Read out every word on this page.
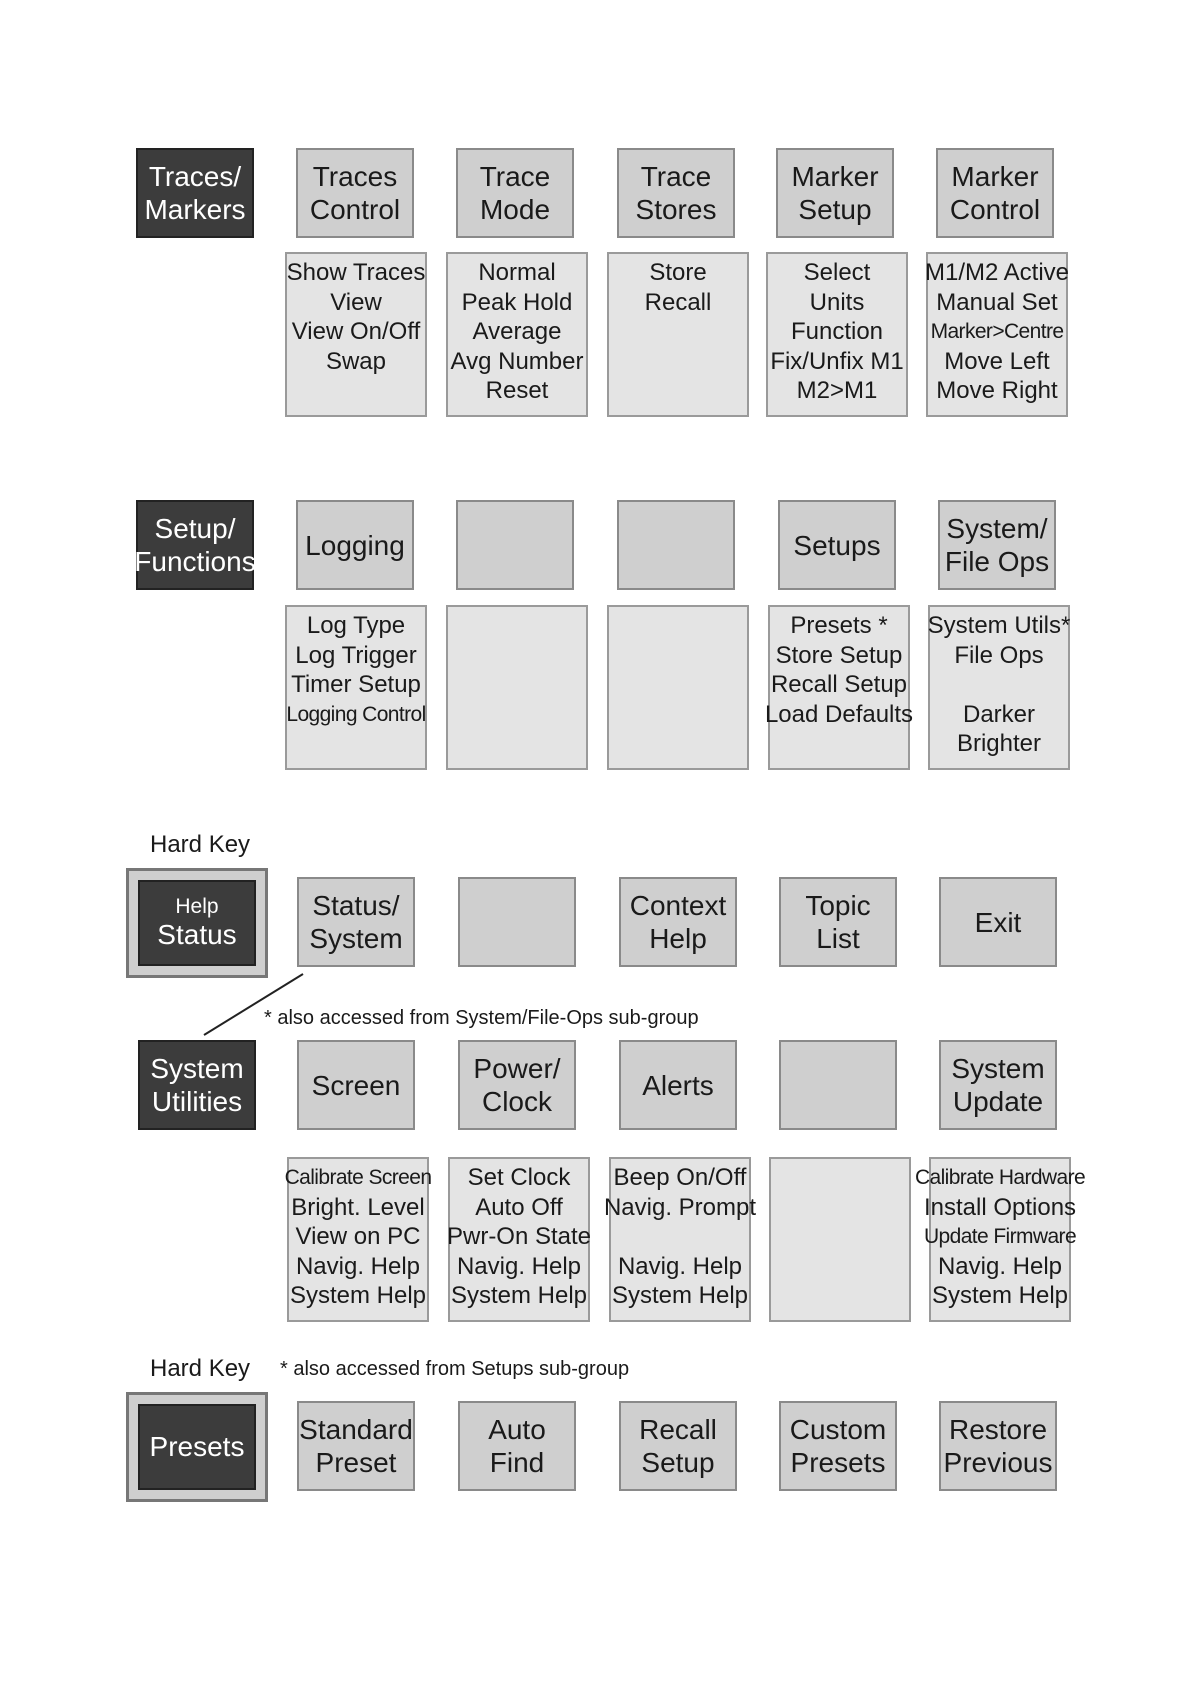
Traces/
Markers
Traces
Control
Trace
Mode
Trace
Stores
Marker
Setup
Marker
Control
Show Traces
View
View On/Off
Swap
Normal
Peak Hold
Average
Avg Number
Reset
Store
Recall
Select
Units
Function
Fix/Unfix M1
M2>M1
M1/M2 Active
Manual Set
Marker>Centre
Move Left
Move Right
Setup/
Functions
Logging	Setups
System/
File Ops
Log Type
Log Trigger
Timer Setup
Logging Control
Presets *
Store Setup
Recall Setup
Load Defaults
System Utils*
File Ops
Darker
Brighter
Hard Key
Help
Status
Status/
System
Context
Help
Topic
List
Exit
* also accessed from System/File-Ops sub-group
System
Utilities
Screen
Power/
Clock
Alerts
System
Update
Calibrate Screen
Bright. Level
View on PC
Navig. Help
System Help
Set Clock
Auto Off
Pwr-On State
Navig. Help
System Help
Beep On/Off
Navig. Prompt
Navig. Help
System Help
Calibrate Hardware
Install Options
Update Firmware
Navig. Help
System Help
Hard Key * also accessed from Setups sub-group
Presets
Standard
Preset
Auto
Find
Recall
Setup
Custom
Presets
Restore
Previous
